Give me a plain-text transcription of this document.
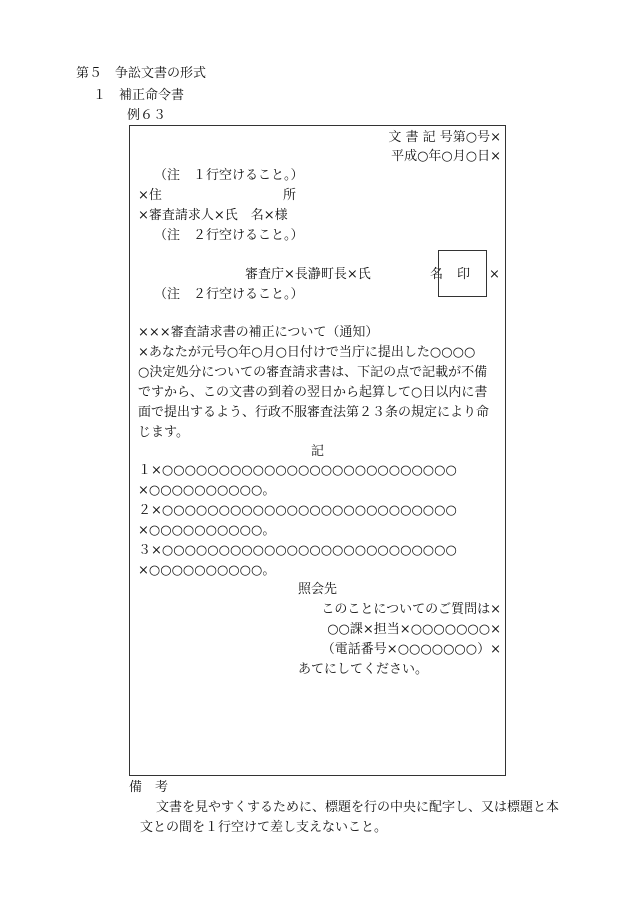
第５　争訟文書の形式
１　補正命令書
例６３
文 書 記 号第○号×
平成○年○月○日×
（注　１行空けること。）
×住	所
×審査請求人×氏　名×様
（注　２行空けること。）
審査庁×長瀞町長×氏	名 印 ×
（注　２行空けること。）
×××審査請求書の補正について（通知）
×あなたが元号○年○月○日付けで当庁に提出した○○○○
○決定処分についての審査請求書は、下記の点で記載が不備
ですから、この文書の到着の翌日から起算して○日以内に書
面で提出するよう、行政不服審査法第２３条の規定により命
じます。
記
１×○○○○○○○○○○○○○○○○○○○○○○○○○○
×○○○○○○○○○○。
２×○○○○○○○○○○○○○○○○○○○○○○○○○○
×○○○○○○○○○○。
３×○○○○○○○○○○○○○○○○○○○○○○○○○○
×○○○○○○○○○○。
照会先
このことについてのご質問は×
○○課×担当×○○○○○○○×
（電話番号×○○○○○○○）×
あてにしてください。
備　考
文書を見やすくするために、標題を行の中央に配字し、又は標題と本
文との間を１行空けて差し支えないこと。
